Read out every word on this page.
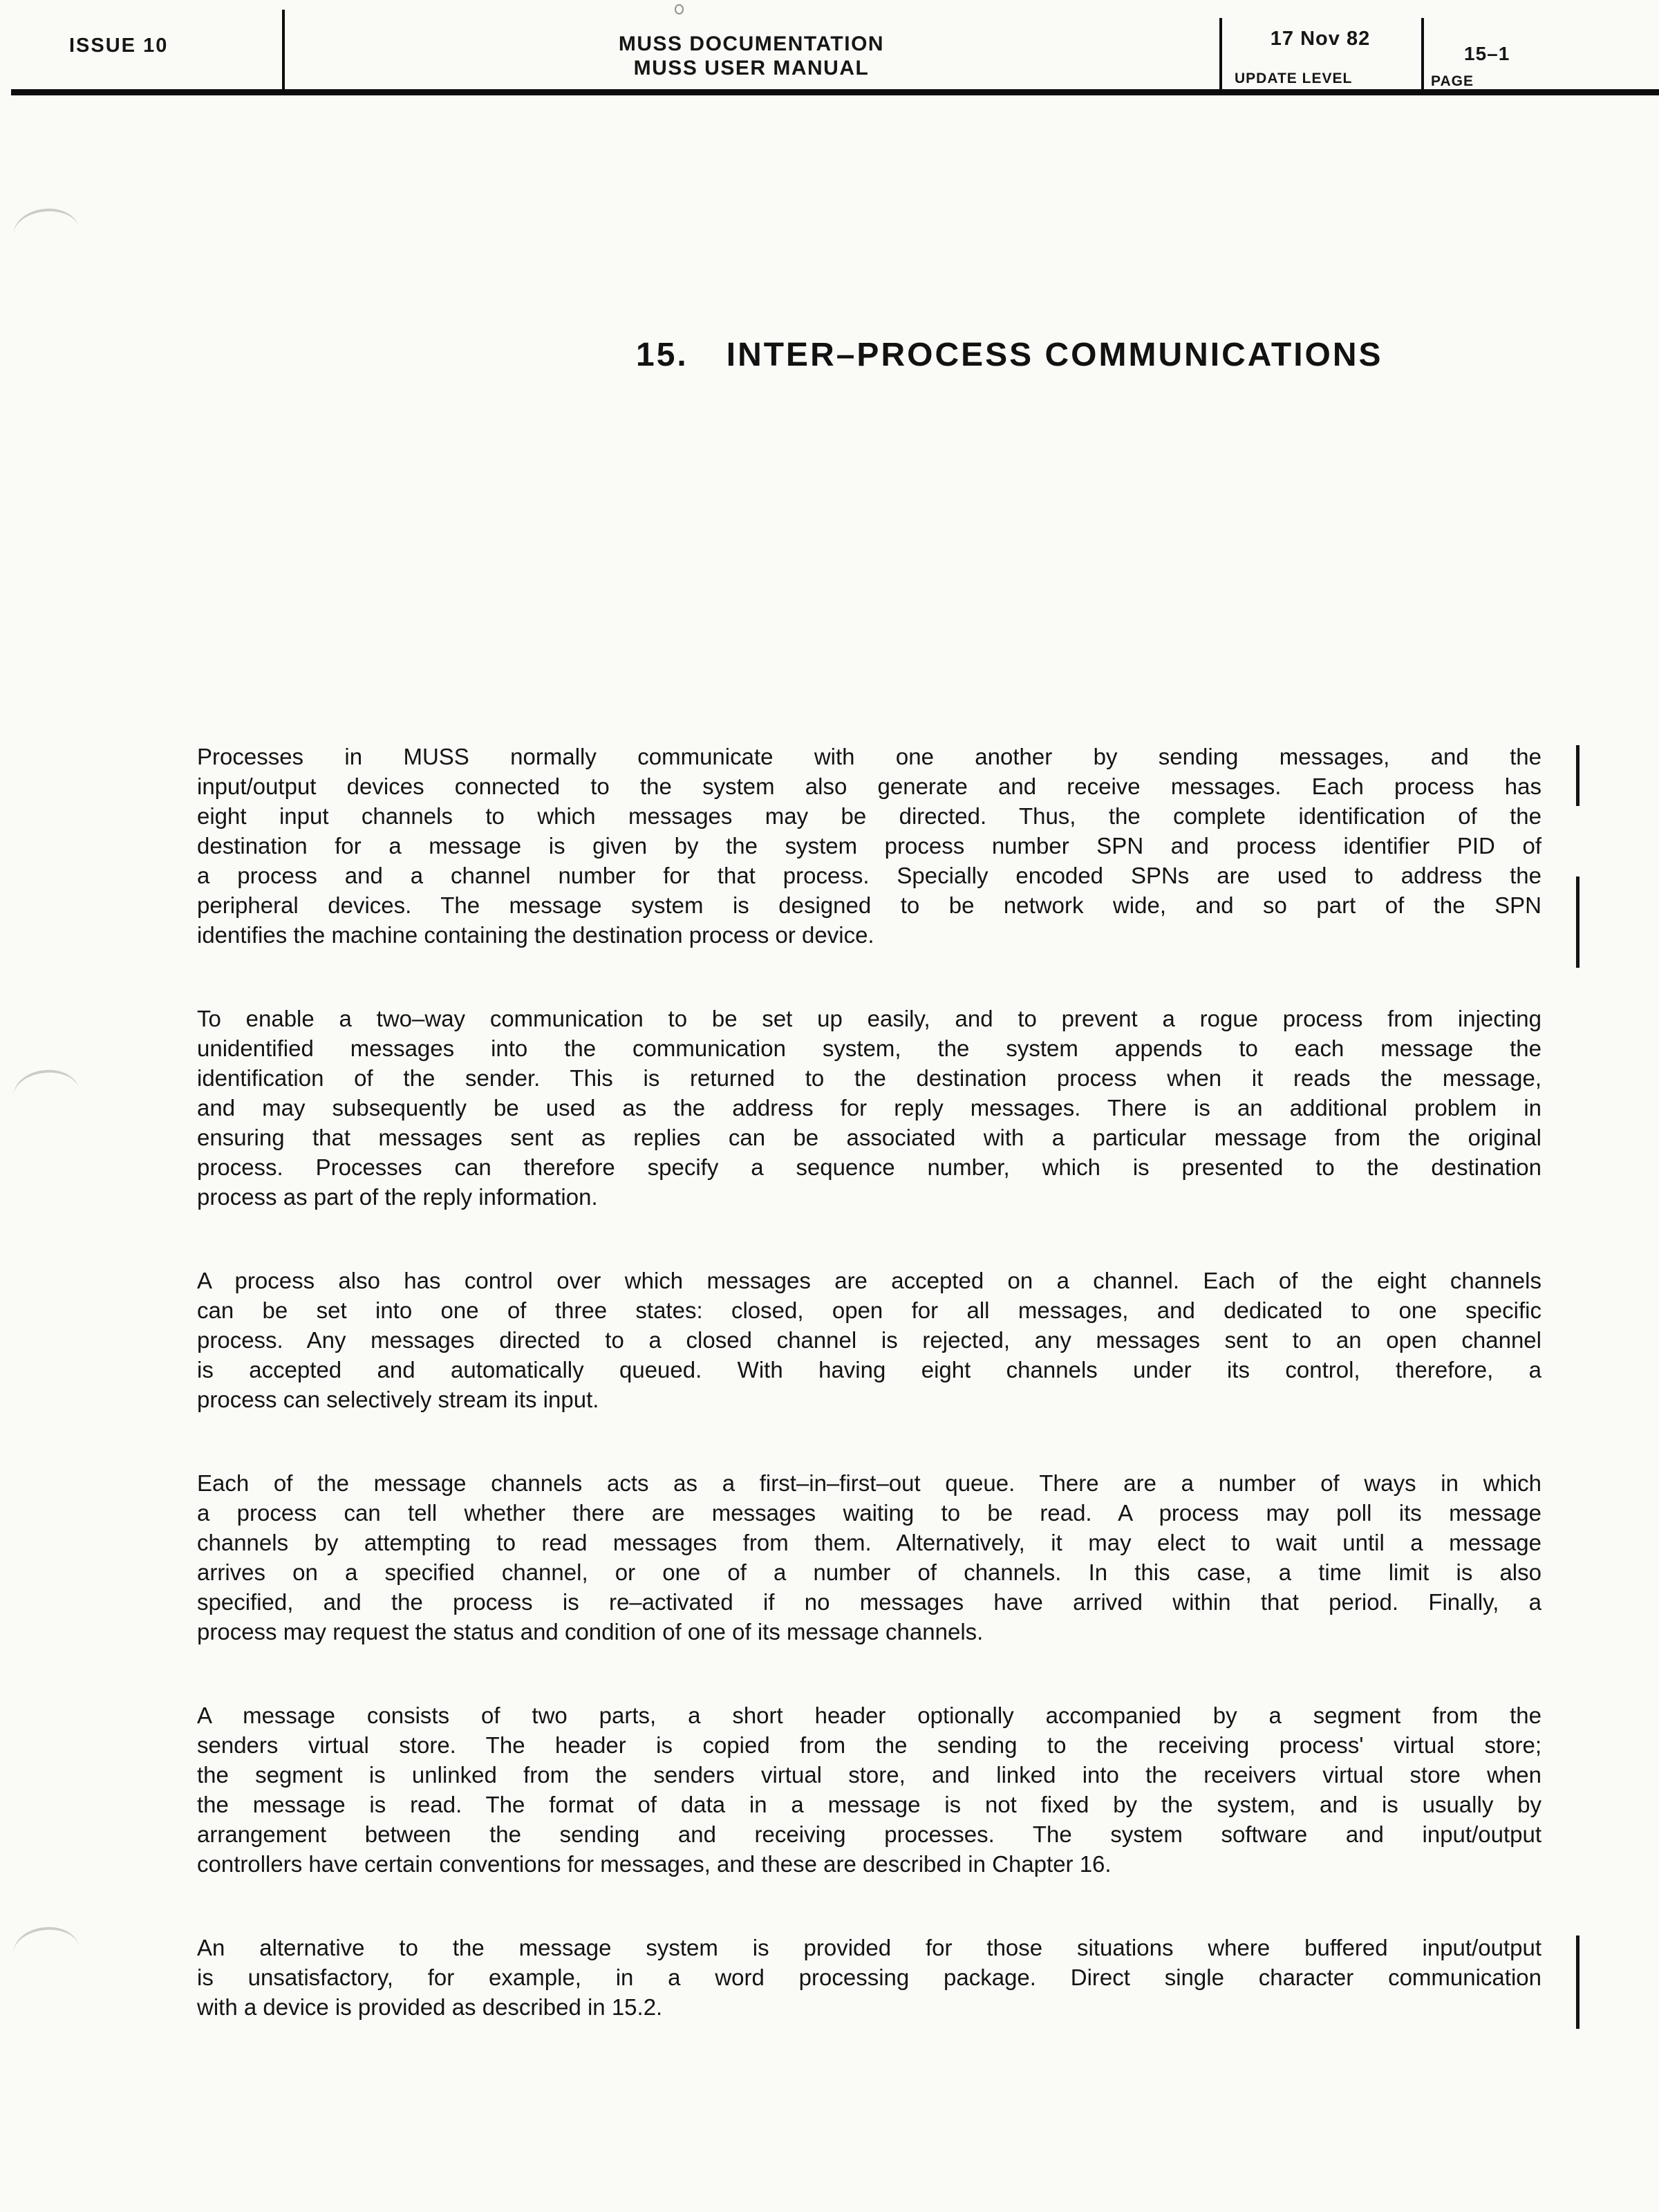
ISSUE 10	MUSS DOCUMENTATION
MUSS USER MANUAL
17 Nov 82
UPDATE LEVEL
15–1
PAGE
15. INTER–PROCESS COMMUNICATIONS
Processes in MUSS normally communicate with one another by sending messages, and the
input/output devices connected to the system also generate and receive messages. Each process has
eight input channels to which messages may be directed. Thus, the complete identification of the
destination for a message is given by the system process number SPN and process identifier PID of
a process and a channel number for that process. Specially encoded SPNs are used to address the
peripheral devices. The message system is designed to be network wide, and so part of the SPN
identifies the machine containing the destination process or device.
To enable a two–way communication to be set up easily, and to prevent a rogue process from injecting
unidentified messages into the communication system, the system appends to each message the
identification of the sender. This is returned to the destination process when it reads the message,
and may subsequently be used as the address for reply messages. There is an additional problem in
ensuring that messages sent as replies can be associated with a particular message from the original
process. Processes can therefore specify a sequence number, which is presented to the destination
process as part of the reply information.
A process also has control over which messages are accepted on a channel. Each of the eight channels
can be set into one of three states: closed, open for all messages, and dedicated to one specific
process. Any messages directed to a closed channel is rejected, any messages sent to an open channel
is accepted and automatically queued. With having eight channels under its control, therefore, a
process can selectively stream its input.
Each of the message channels acts as a first–in–first–out queue. There are a number of ways in which
a process can tell whether there are messages waiting to be read. A process may poll its message
channels by attempting to read messages from them. Alternatively, it may elect to wait until a message
arrives on a specified channel, or one of a number of channels. In this case, a time limit is also
specified, and the process is re–activated if no messages have arrived within that period. Finally, a
process may request the status and condition of one of its message channels.
A message consists of two parts, a short header optionally accompanied by a segment from the
senders virtual store. The header is copied from the sending to the receiving process' virtual store;
the segment is unlinked from the senders virtual store, and linked into the receivers virtual store when
the message is read. The format of data in a message is not fixed by the system, and is usually by
arrangement between the sending and receiving processes. The system software and input/output
controllers have certain conventions for messages, and these are described in Chapter 16.
An alternative to the message system is provided for those situations where buffered input/output
is unsatisfactory, for example, in a word processing package. Direct single character communication
with a device is provided as described in 15.2.
